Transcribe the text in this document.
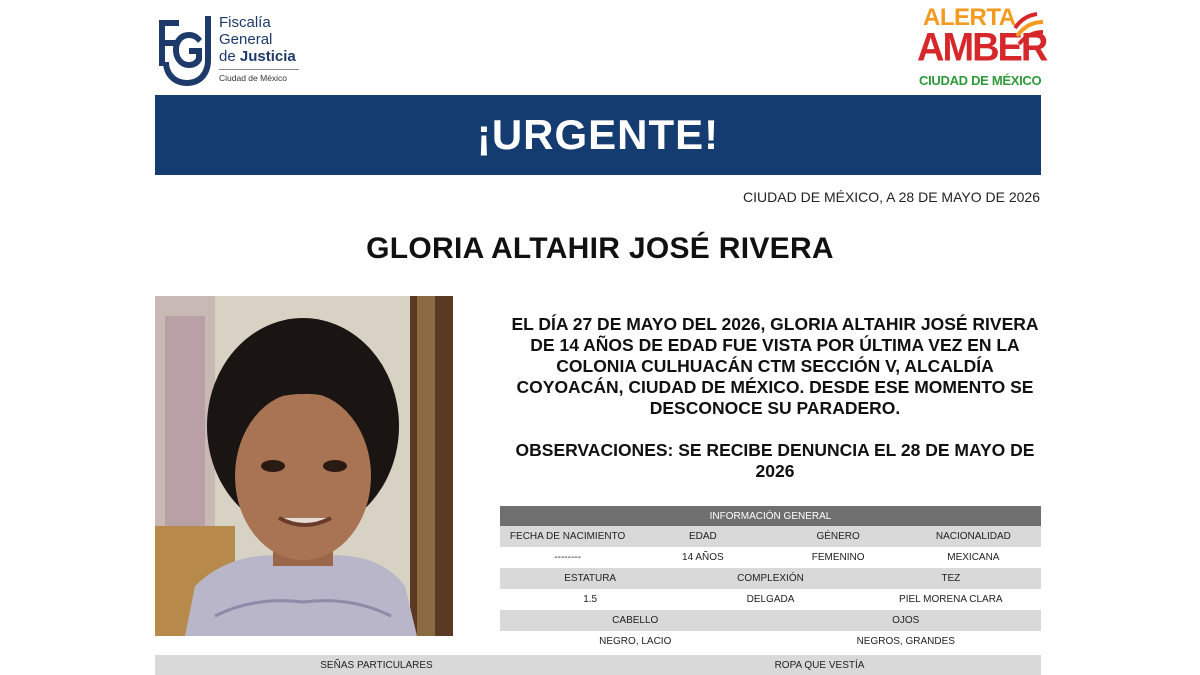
Fiscalía
General
de Justicia
Ciudad de México
ALERTA
AMBER
CIUDAD DE MÉXICO
¡URGENTE!
CIUDAD DE MÉXICO, A 28 DE MAYO DE 2026
GLORIA ALTAHIR JOSÉ RIVERA
EL DÍA 27 DE MAYO DEL 2026, GLORIA ALTAHIR JOSÉ RIVERA DE 14 AÑOS DE EDAD FUE VISTA POR ÚLTIMA VEZ EN LA COLONIA CULHUACÁN CTM SECCIÓN V, ALCALDÍA COYOACÁN, CIUDAD DE MÉXICO. DESDE ESE MOMENTO SE DESCONOCE SU PARADERO.
OBSERVACIONES: SE RECIBE DENUNCIA EL 28 DE MAYO DE 2026
INFORMACIÓN GENERAL
FECHA DE NACIMIENTO	EDAD	GÉNERO	NACIONALIDAD
--------	14 AÑOS	FEMENINO	MEXICANA
ESTATURA	COMPLEXIÓN	TEZ
1.5	DELGADA	PIEL MORENA CLARA
CABELLO	OJOS
NEGRO, LACIO	NEGROS, GRANDES
SEÑAS PARTICULARES	ROPA QUE VESTÍA
